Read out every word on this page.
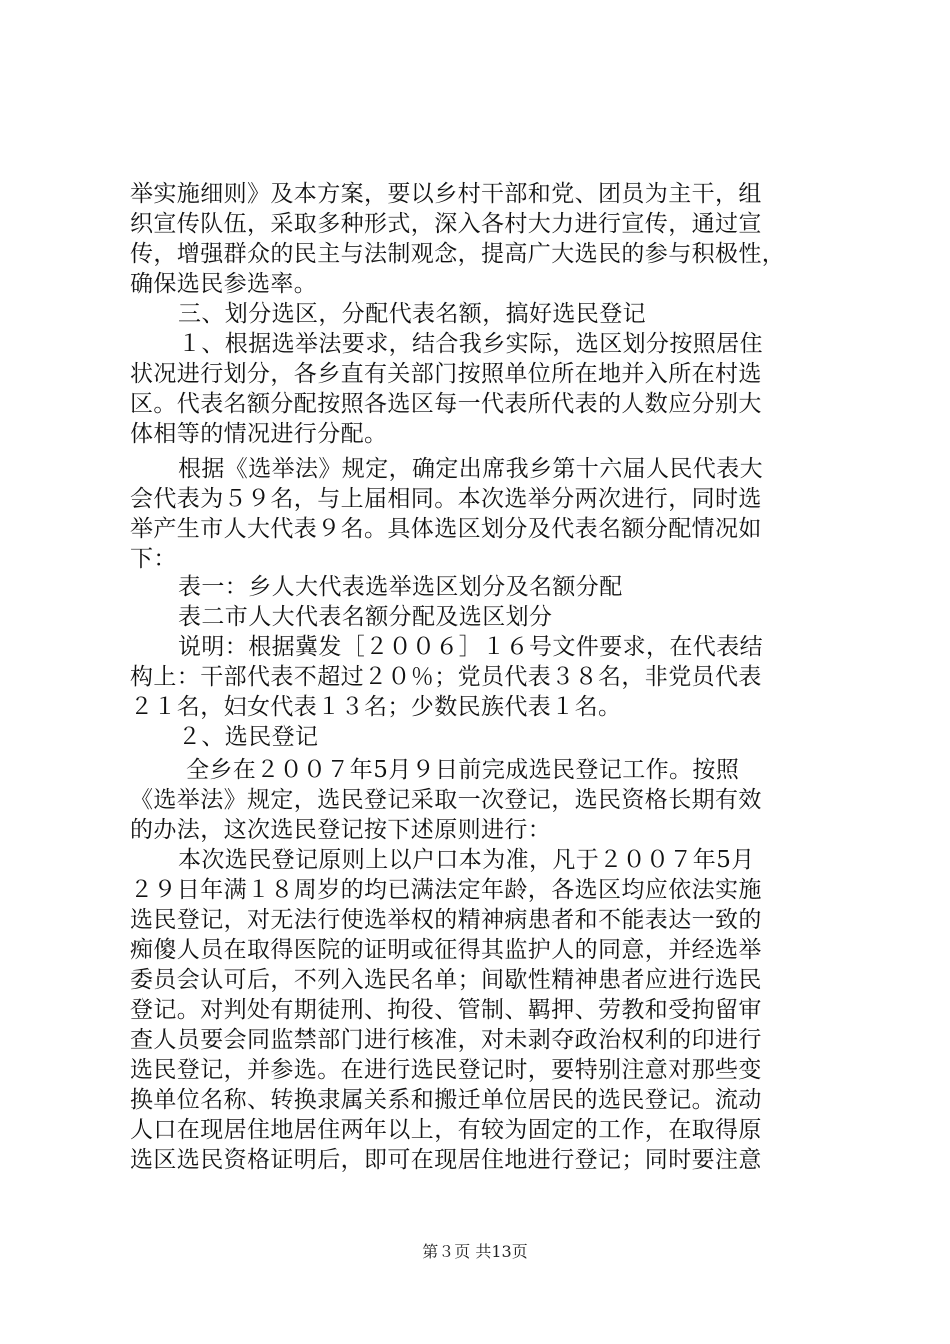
举实施细则》及本方案，要以乡村干部和党、团员为主干，组
织宣传队伍，采取多种形式，深入各村大力进行宣传，通过宣
传，增强群众的民主与法制观念，提高广大选民的参与积极性，
确保选民参选率。
三、划分选区，分配代表名额，搞好选民登记
１、根据选举法要求，结合我乡实际，选区划分按照居住
状况进行划分，各乡直有关部门按照单位所在地并入所在村选
区。代表名额分配按照各选区每一代表所代表的人数应分别大
体相等的情况进行分配。
根据《选举法》规定，确定出席我乡第十六届人民代表大
会代表为５９名，与上届相同。本次选举分两次进行，同时选
举产生市人大代表９名。具体选区划分及代表名额分配情况如
下：
表一：乡人大代表选举选区划分及名额分配
表二市人大代表名额分配及选区划分
说明：根据冀发［２００６］１６号文件要求，在代表结
构上：干部代表不超过２０％；党员代表３８名，非党员代表
２１名，妇女代表１３名；少数民族代表１名。
２、选民登记
全乡在２００７年5月９日前完成选民登记工作。按照
《选举法》规定，选民登记采取一次登记，选民资格长期有效
的办法，这次选民登记按下述原则进行：
本次选民登记原则上以户口本为准，凡于２００７年5月
２９日年满１８周岁的均已满法定年龄，各选区均应依法实施
选民登记，对无法行使选举权的精神病患者和不能表达一致的
痴傻人员在取得医院的证明或征得其监护人的同意，并经选举
委员会认可后，不列入选民名单；间歇性精神患者应进行选民
登记。对判处有期徒刑、拘役、管制、羁押、劳教和受拘留审
查人员要会同监禁部门进行核准，对未剥夺政治权利的印进行
选民登记，并参选。在进行选民登记时，要特别注意对那些变
换单位名称、转换隶属关系和搬迁单位居民的选民登记。流动
人口在现居住地居住两年以上，有较为固定的工作，在取得原
选区选民资格证明后，即可在现居住地进行登记；同时要注意
第３页 共13页
